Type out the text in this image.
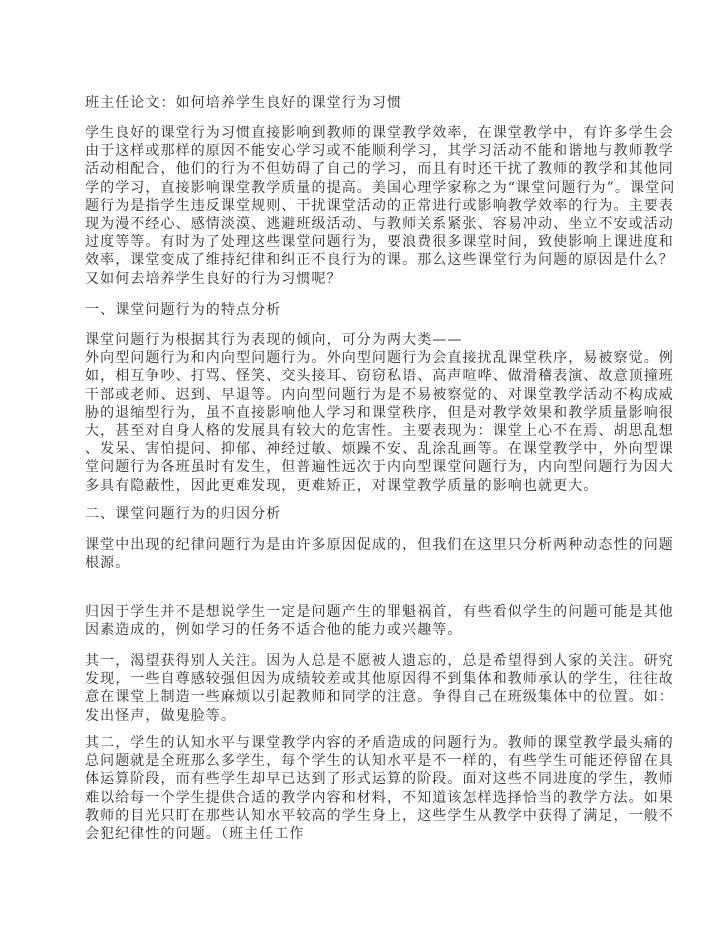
班主任论文：如何培养学生良好的课堂行为习惯
学生良好的课堂行为习惯直接影响到教师的课堂教学效率，在课堂教学中，有许多学生会
由于这样或那样的原因不能安心学习或不能顺利学习，其学习活动不能和谐地与教师教学
活动相配合，他们的行为不但妨碍了自己的学习，而且有时还干扰了教师的教学和其他同
学的学习，直接影响课堂教学质量的提高。美国心理学家称之为“课堂问题行为”。课堂问
题行为是指学生违反课堂规则、干扰课堂活动的正常进行或影响教学效率的行为。主要表
现为漫不经心、感情淡漠、逃避班级活动、与教师关系紧张、容易冲动、坐立不安或活动
过度等等。有时为了处理这些课堂问题行为，要浪费很多课堂时间，致使影响上课进度和
效率，课堂变成了维持纪律和纠正不良行为的课。那么这些课堂行为问题的原因是什么？
又如何去培养学生良好的行为习惯呢？
一、课堂问题行为的特点分析
课堂问题行为根据其行为表现的倾向，可分为两大类——
外向型问题行为和内向型问题行为。外向型问题行为会直接扰乱课堂秩序，易被察觉。例
如，相互争吵、打骂、怪笑、交头接耳、窃窃私语、高声喧哗、做滑稽表演、故意顶撞班
干部或老师、迟到、早退等。内向型问题行为是不易被察觉的、对课堂教学活动不构成威
胁的退缩型行为，虽不直接影响他人学习和课堂秩序，但是对教学效果和教学质量影响很
大，甚至对自身人格的发展具有较大的危害性。主要表现为：课堂上心不在焉、胡思乱想
、发呆、害怕提问、抑郁、神经过敏、烦躁不安、乱涂乱画等。在课堂教学中，外向型课
堂问题行为各班虽时有发生，但普遍性远次于内向型课堂问题行为，内向型问题行为因大
多具有隐蔽性，因此更难发现，更难矫正，对课堂教学质量的影响也就更大。
二、课堂问题行为的归因分析
课堂中出现的纪律问题行为是由许多原因促成的，但我们在这里只分析两种动态性的问题
根源。
归因于学生并不是想说学生一定是问题产生的罪魁祸首，有些看似学生的问题可能是其他
因素造成的，例如学习的任务不适合他的能力或兴趣等。
其一，渴望获得别人关注。因为人总是不愿被人遗忘的，总是希望得到人家的关注。研究
发现，一些自尊感较强但因为成绩较差或其他原因得不到集体和教师承认的学生，往往故
意在课堂上制造一些麻烦以引起教师和同学的注意。争得自己在班级集体中的位置。如：
发出怪声，做鬼脸等。
其二，学生的认知水平与课堂教学内容的矛盾造成的问题行为。教师的课堂教学最头痛的
总问题就是全班那么多学生，每个学生的认知水平是不一样的，有些学生可能还停留在具
体运算阶段，而有些学生却早已达到了形式运算的阶段。面对这些不同进度的学生，教师
难以给每一个学生提供合适的教学内容和材料，不知道该怎样选择恰当的教学方法。如果
教师的目光只盯在那些认知水平较高的学生身上，这些学生从教学中获得了满足，一般不
会犯纪律性的问题。（班主任工作
